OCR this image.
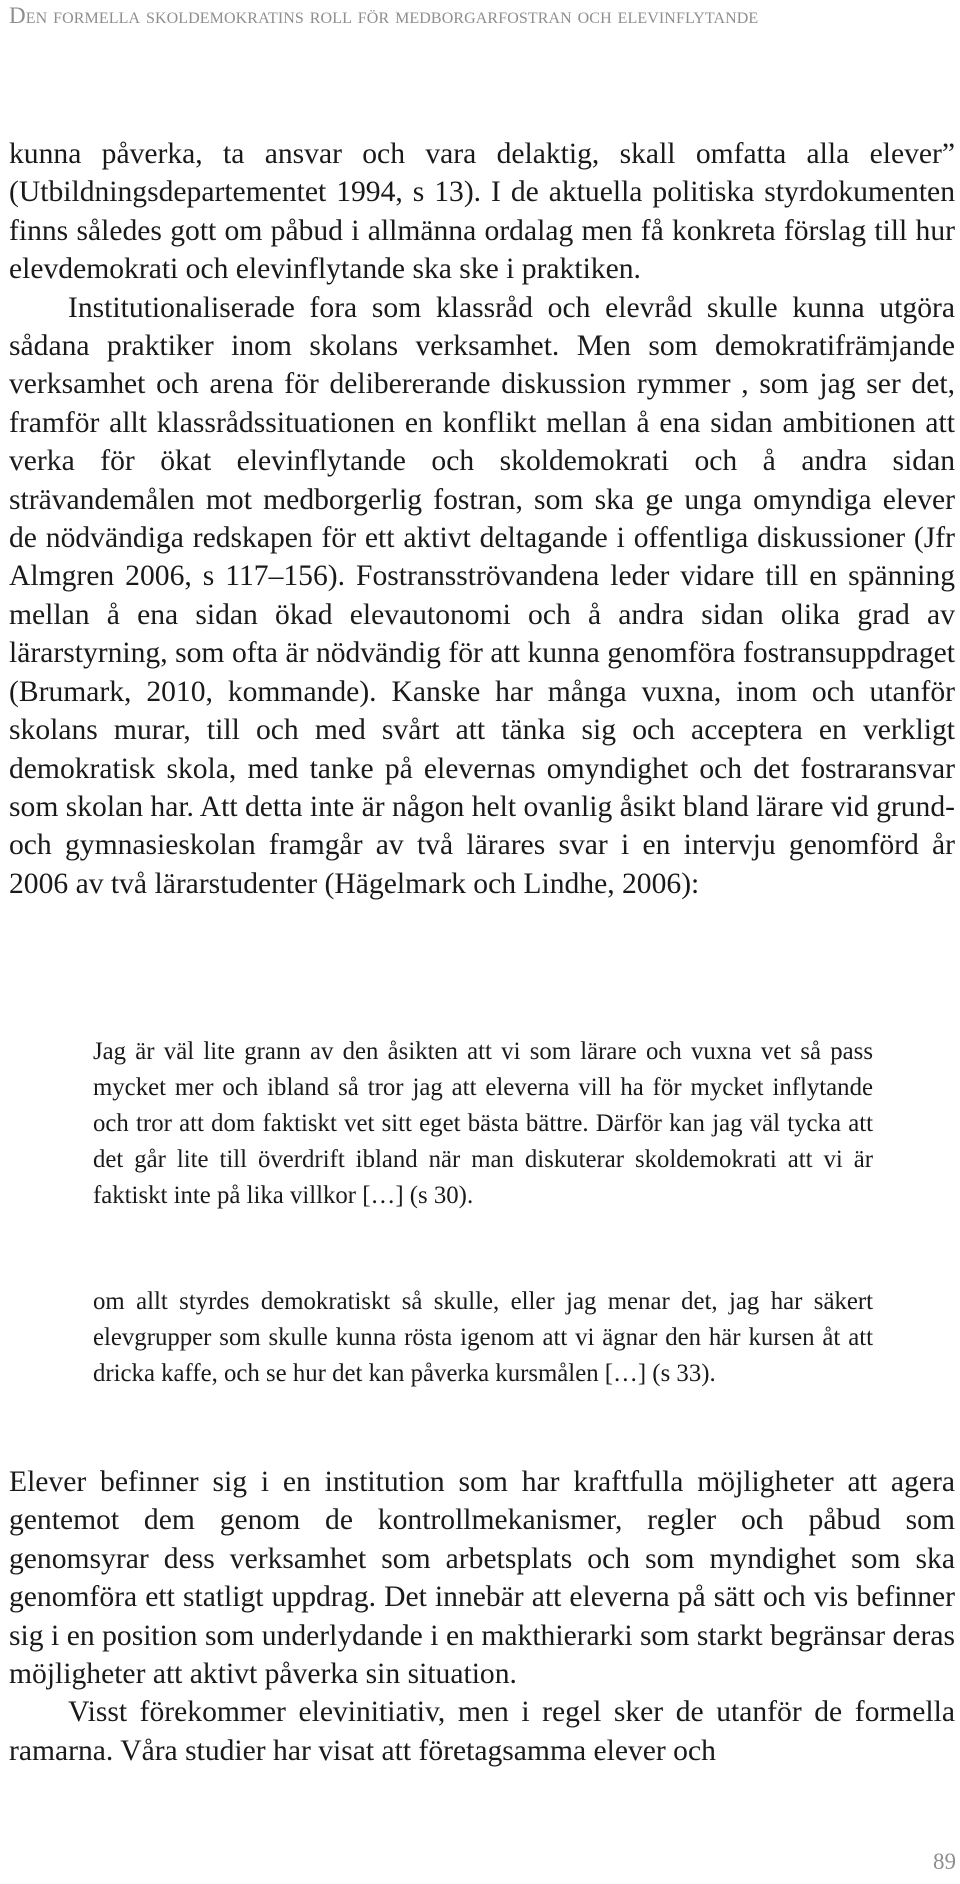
Den formella skoldemokratins roll för medborgarfostran och elevinflytande

kunna påverka, ta ansvar och vara delaktig, skall omfatta alla elever” (Utbildningsdepartementet 1994, s 13). I de aktuella politiska styrdokumenten finns således gott om påbud i allmänna ordalag men få konkreta förslag till hur elevdemokrati och elevinflytande ska ske i praktiken.

Institutionaliserade fora som klassråd och elevråd skulle kunna utgöra sådana praktiker inom skolans verksamhet. Men som demokratifrämjande verksamhet och arena för delibererande diskussion rymmer , som jag ser det, framför allt klassrådssituationen en konflikt mellan å ena sidan ambitionen att verka för ökat elevinflytande och skoldemokrati och å andra sidan strävandemålen mot medborgerlig fostran, som ska ge unga omyndiga elever de nödvändiga redskapen för ett aktivt deltagande i offentliga diskussioner (Jfr Almgren 2006, s 117–156). Fostransströvandena leder vidare till en spänning mellan å ena sidan ökad elevautonomi och å andra sidan olika grad av lärarstyrning, som ofta är nödvändig för att kunna genomföra fostransuppdraget (Brumark, 2010, kommande). Kanske har många vuxna, inom och utanför skolans murar, till och med svårt att tänka sig och acceptera en verkligt demokratisk skola, med tanke på elevernas omyndighet och det fostraransvar som skolan har. Att detta inte är någon helt ovanlig åsikt bland lärare vid grund- och gymnasieskolan framgår av två lärares svar i en intervju genomförd år 2006 av två lärarstudenter (Hägelmark och Lindhe, 2006):

Jag är väl lite grann av den åsikten att vi som lärare och vuxna vet så pass mycket mer och ibland så tror jag att eleverna vill ha för mycket inflytande och tror att dom faktiskt vet sitt eget bästa bättre. Därför kan jag väl tycka att det går lite till överdrift ibland när man diskuterar skoldemokrati att vi är faktiskt inte på lika villkor […] (s 30).

om allt styrdes demokratiskt så skulle, eller jag menar det, jag har säkert elevgrupper som skulle kunna rösta igenom att vi ägnar den här kursen åt att dricka kaffe, och se hur det kan påverka kursmålen […] (s 33).

Elever befinner sig i en institution som har kraftfulla möjligheter att agera gentemot dem genom de kontrollmekanismer, regler och påbud som genomsyrar dess verksamhet som arbetsplats och som myndighet som ska genomföra ett statligt uppdrag. Det innebär att eleverna på sätt och vis befinner sig i en position som underlydande i en makthierarki som starkt begränsar deras möjligheter att aktivt påverka sin situation.

Visst förekommer elevinitiativ, men i regel sker de utanför de formella ramarna. Våra studier har visat att företagsamma elever och

89
